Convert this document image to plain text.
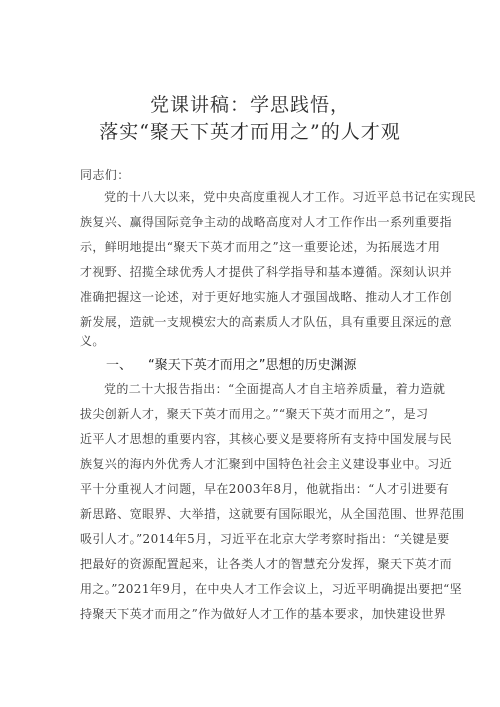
党课讲稿：学思践悟，
落实“聚天下英才而用之”的人才观
同志们：
党的十八大以来，党中央高度重视人才工作。习近平总书记在实现民
族复兴、赢得国际竞争主动的战略高度对人才工作作出一系列重要指
示，鲜明地提出“聚天下英才而用之”这一重要论述，为拓展选才用
才视野、招揽全球优秀人才提供了科学指导和基本遵循。深刻认识并
准确把握这一论述，对于更好地实施人才强国战略、推动人才工作创
新发展，造就一支规模宏大的高素质人才队伍，具有重要且深远的意
义。
一、 “聚天下英才而用之”思想的历史渊源
党的二十大报告指出：“全面提高人才自主培养质量，着力造就
拔尖创新人才，聚天下英才而用之。”“聚天下英才而用之”，是习
近平人才思想的重要内容，其核心要义是要将所有支持中国发展与民
族复兴的海内外优秀人才汇聚到中国特色社会主义建设事业中。习近
平十分重视人才问题，早在2003年8月，他就指出：“人才引进要有
新思路、宽眼界、大举措，这就要有国际眼光，从全国范围、世界范围
吸引人才。”2014年5月，习近平在北京大学考察时指出：“关键是要
把最好的资源配置起来，让各类人才的智慧充分发挥，聚天下英才而
用之。”2021年9月，在中央人才工作会议上，习近平明确提出要把“坚
持聚天下英才而用之”作为做好人才工作的基本要求，加快建设世界
